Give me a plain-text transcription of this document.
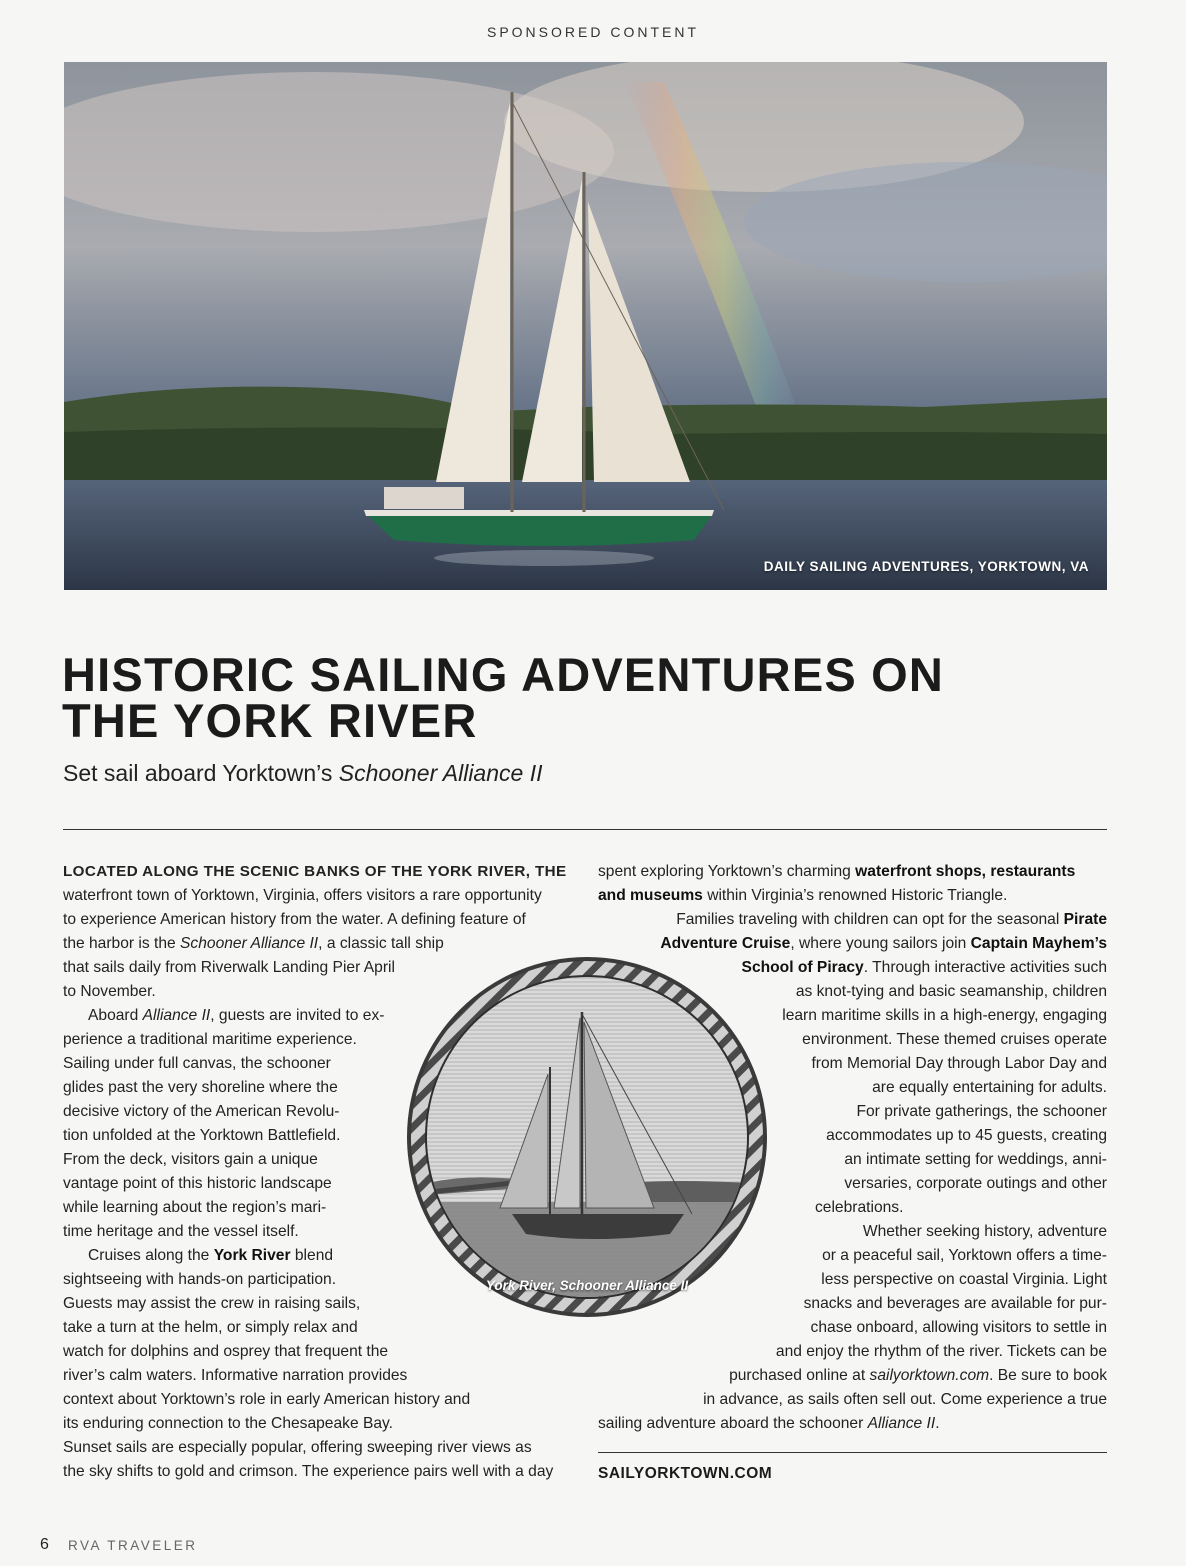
SPONSORED CONTENT
DAILY SAILING ADVENTURES, YORKTOWN, VA
HISTORIC SAILING ADVENTURES ON
THE YORK RIVER
Set sail aboard Yorktown’s Schooner Alliance II
LOCATED ALONG THE SCENIC BANKS OF THE YORK RIVER, THE
waterfront town of Yorktown, Virginia, offers visitors a rare opportunity
to experience American history from the water. A defining feature of
the harbor is the Schooner Alliance II, a classic tall ship
that sails daily from Riverwalk Landing Pier April
to November.
Aboard Alliance II, guests are invited to ex-
perience a traditional maritime experience.
Sailing under full canvas, the schooner
glides past the very shoreline where the
decisive victory of the American Revolu-
tion unfolded at the Yorktown Battlefield.
From the deck, visitors gain a unique
vantage point of this historic landscape
while learning about the region’s mari-
time heritage and the vessel itself.
Cruises along the York River blend
sightseeing with hands-on participation.
Guests may assist the crew in raising sails,
take a turn at the helm, or simply relax and
watch for dolphins and osprey that frequent the
river’s calm waters. Informative narration provides
context about Yorktown’s role in early American history and
its enduring connection to the Chesapeake Bay.
Sunset sails are especially popular, offering sweeping river views as
the sky shifts to gold and crimson. The experience pairs well with a day
spent exploring Yorktown’s charming waterfront shops, restaurants
and museums within Virginia’s renowned Historic Triangle.
Families traveling with children can opt for the seasonal Pirate
Adventure Cruise, where young sailors join Captain Mayhem’s
School of Piracy. Through interactive activities such
as knot-tying and basic seamanship, children
learn maritime skills in a high-energy, engaging
environment. These themed cruises operate
from Memorial Day through Labor Day and
are equally entertaining for adults.
For private gatherings, the schooner
accommodates up to 45 guests, creating
an intimate setting for weddings, anni-
versaries, corporate outings and other
celebrations.
Whether seeking history, adventure
or a peaceful sail, Yorktown offers a time-
less perspective on coastal Virginia. Light
snacks and beverages are available for pur-
chase onboard, allowing visitors to settle in
and enjoy the rhythm of the river. Tickets can be
purchased online at sailyorktown.com. Be sure to book
in advance, as sails often sell out. Come experience a true
sailing adventure aboard the schooner Alliance II.
York River, Schooner Alliance II
SAILYORKTOWN.COM
6 RVA TRAVELER
